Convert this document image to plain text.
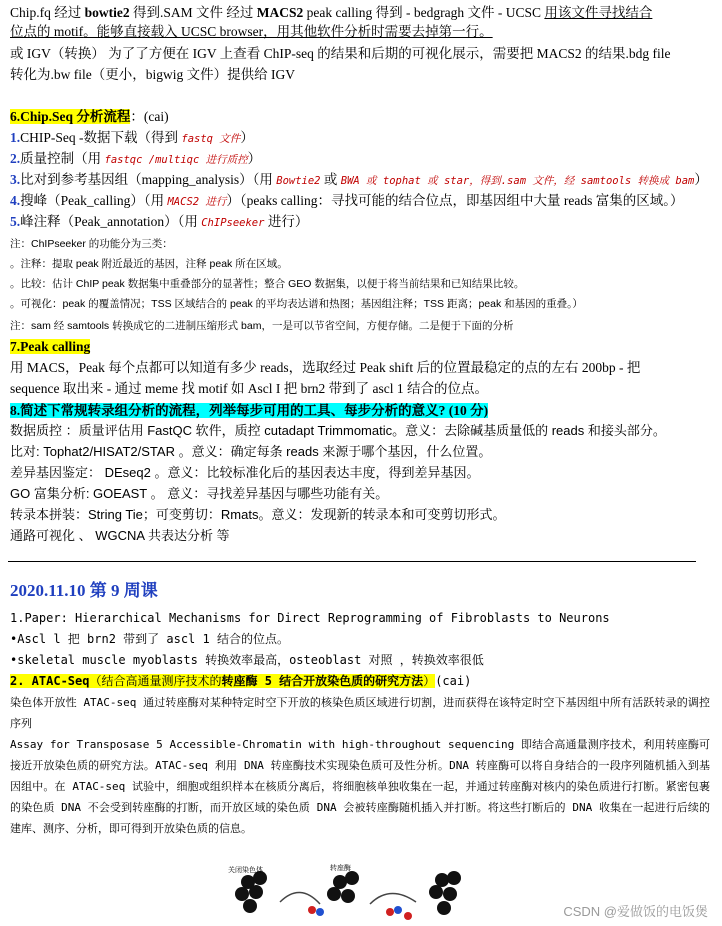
Chip.fq 经过 bowtie2 得到.SAM 文件 经过 MACS2 peak calling 得到 - bedgragh 文件 - UCSC 用该文件寻找结合
位点的 motif。能够直接载入 UCSC browser，用其他软件分析时需要去掉第一行。
或 IGV（转换） 为了了方便在 IGV 上查看 ChIP-seq 的结果和后期的可视化展示，需要把 MACS2 的结果.bdg file
转化为.bw file（更小，bigwig 文件）提供给 IGV
6.Chip.Seq 分析流程：(cai)
1.CHIP-Seq -数据下载（得到 fastq 文件）
2.质量控制（用 fastqc /multiqc 进行质控）
3.比对到参考基因组（mapping_analysis）（用 Bowtie2 或 BWA 或 tophat 或 star，得到.sam 文件，经 samtools 转换成 bam）
4.搜峰（Peak_calling）（用 MACS2 进行）（peaks calling：寻找可能的结合位点，即基因组中大量 reads 富集的区域。）
5.峰注释（Peak_annotation）（用 ChIPseeker 进行）
注：ChIPseeker 的功能分为三类：
。注释：提取 peak 附近最近的基因，注释 peak 所在区域。
。比较：估计 ChIP peak 数据集中重叠部分的显著性；整合 GEO 数据集，以便于将当前结果和已知结果比较。
。可视化：peak 的覆盖情况；TSS 区域结合的 peak 的平均表达谱和热图；基因组注释；TSS 距离；peak 和基因的重叠。）
注：sam 经 samtools 转换成它的二进制压缩形式 bam，一是可以节省空间，方便存储。二是便于下面的分析
7.Peak calling
用 MACS，Peak 每个点都可以知道有多少 reads，选取经过 Peak shift 后的位置最稳定的点的左右 200bp - 把
sequence 取出来 - 通过 meme 找 motif 如 Ascl I 把 brn2 带到了 ascl 1 结合的位点。
8.简述下常规转录组分析的流程，列举每步可用的工具、每步分析的意义? (10 分)
数据质控 ：质量评估用 FastQC 软件，质控 cutadapt Trimmomatic。意义：去除碱基质量低的 reads 和接头部分。
比对: Tophat2/HISAT2/STAR 。意义：确定每条 reads 来源于哪个基因，什么位置。
差异基因鉴定： DEseq2 。意义：比较标准化后的基因表达丰度，得到差异基因。
GO 富集分析: GOEAST 。 意义：寻找差异基因与哪些功能有关。
转录本拼装：String Tie；可变剪切：Rmats。意义：发现新的转录本和可变剪切形式。
通路可视化 、 WGCNA 共表达分析 等
2020.11.10 第 9 周课
1.Paper: Hierarchical Mechanisms for Direct Reprogramming of Fibroblasts to Neurons
•Ascl l 把 brn2 带到了 ascl 1 结合的位点。
•skeletal muscle myoblasts 转换效率最高，osteoblast 对照 ，转换效率很低
2. ATAC-Seq（结合高通量测序技术的转座酶 5 结合开放染色质的研究方法）(cai)
染色体开放性 ATAC-seq 通过转座酶对某种特定时空下开放的核染色质区域进行切割，进而获得在该特定时空下基因组中所有活跃转录的调控序列
Assay for Transposase 5 Accessible-Chromatin with high-throughout sequencing 即结合高通量测序技术，利用转座酶可接近开放染色质的研究方法。ATAC-seq 利用 DNA 转座酶技术实现染色质可及性分析。DNA 转座酶可以将自身结合的一段序列随机插入到基因组中。在 ATAC-seq 试验中，细胞或组织样本在核质分离后，将细胞核单独收集在一起，并通过转座酶对核内的染色质进行打断。紧密包裹的染色质 DNA 不会受到转座酶的打断，而开放区域的染色质 DNA 会被转座酶随机插入并打断。将这些打断后的 DNA 收集在一起进行后续的建库、测序、分析，即可得到开放染色质的信息。
关闭染色体	转座酶
CSDN @爱做饭的电饭煲
